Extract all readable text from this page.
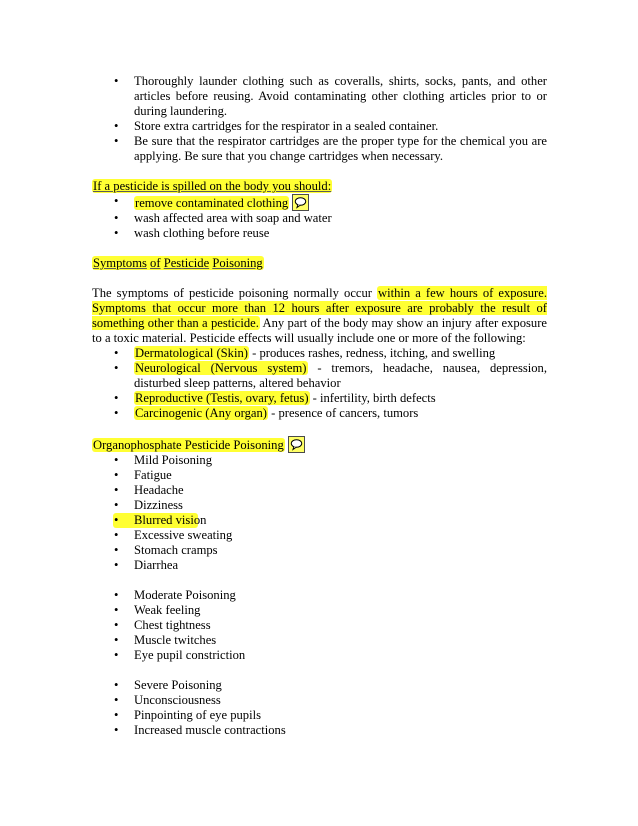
• Thoroughly launder clothing such as coveralls, shirts, socks, pants, and other articles before reusing. Avoid contaminating other clothing articles prior to or during laundering.
• Store extra cartridges for the respirator in a sealed container.
• Be sure that the respirator cartridges are the proper type for the chemical you are applying. Be sure that you change cartridges when necessary.

If a pesticide is spilled on the body you should:

• remove contaminated clothing
• wash affected area with soap and water
• wash clothing before reuse

Symptoms of Pesticide Poisoning

The symptoms of pesticide poisoning normally occur within a few hours of exposure. Symptoms that occur more than 12 hours after exposure are probably the result of something other than a pesticide. Any part of the body may show an injury after exposure to a toxic material. Pesticide effects will usually include one or more of the following:

• Dermatological (Skin) - produces rashes, redness, itching, and swelling
• Neurological (Nervous system) - tremors, headache, nausea, depression, disturbed sleep patterns, altered behavior
• Reproductive (Testis, ovary, fetus) - infertility, birth defects
• Carcinogenic (Any organ) - presence of cancers, tumors

Organophosphate Pesticide Poisoning

• Mild Poisoning
• Fatigue
• Headache
• Dizziness
• Blurred vision
• Excessive sweating
• Stomach cramps
• Diarrhea
• Moderate Poisoning
• Weak feeling
• Chest tightness
• Muscle twitches
• Eye pupil constriction
• Severe Poisoning
• Unconsciousness
• Pinpointing of eye pupils
• Increased muscle contractions
